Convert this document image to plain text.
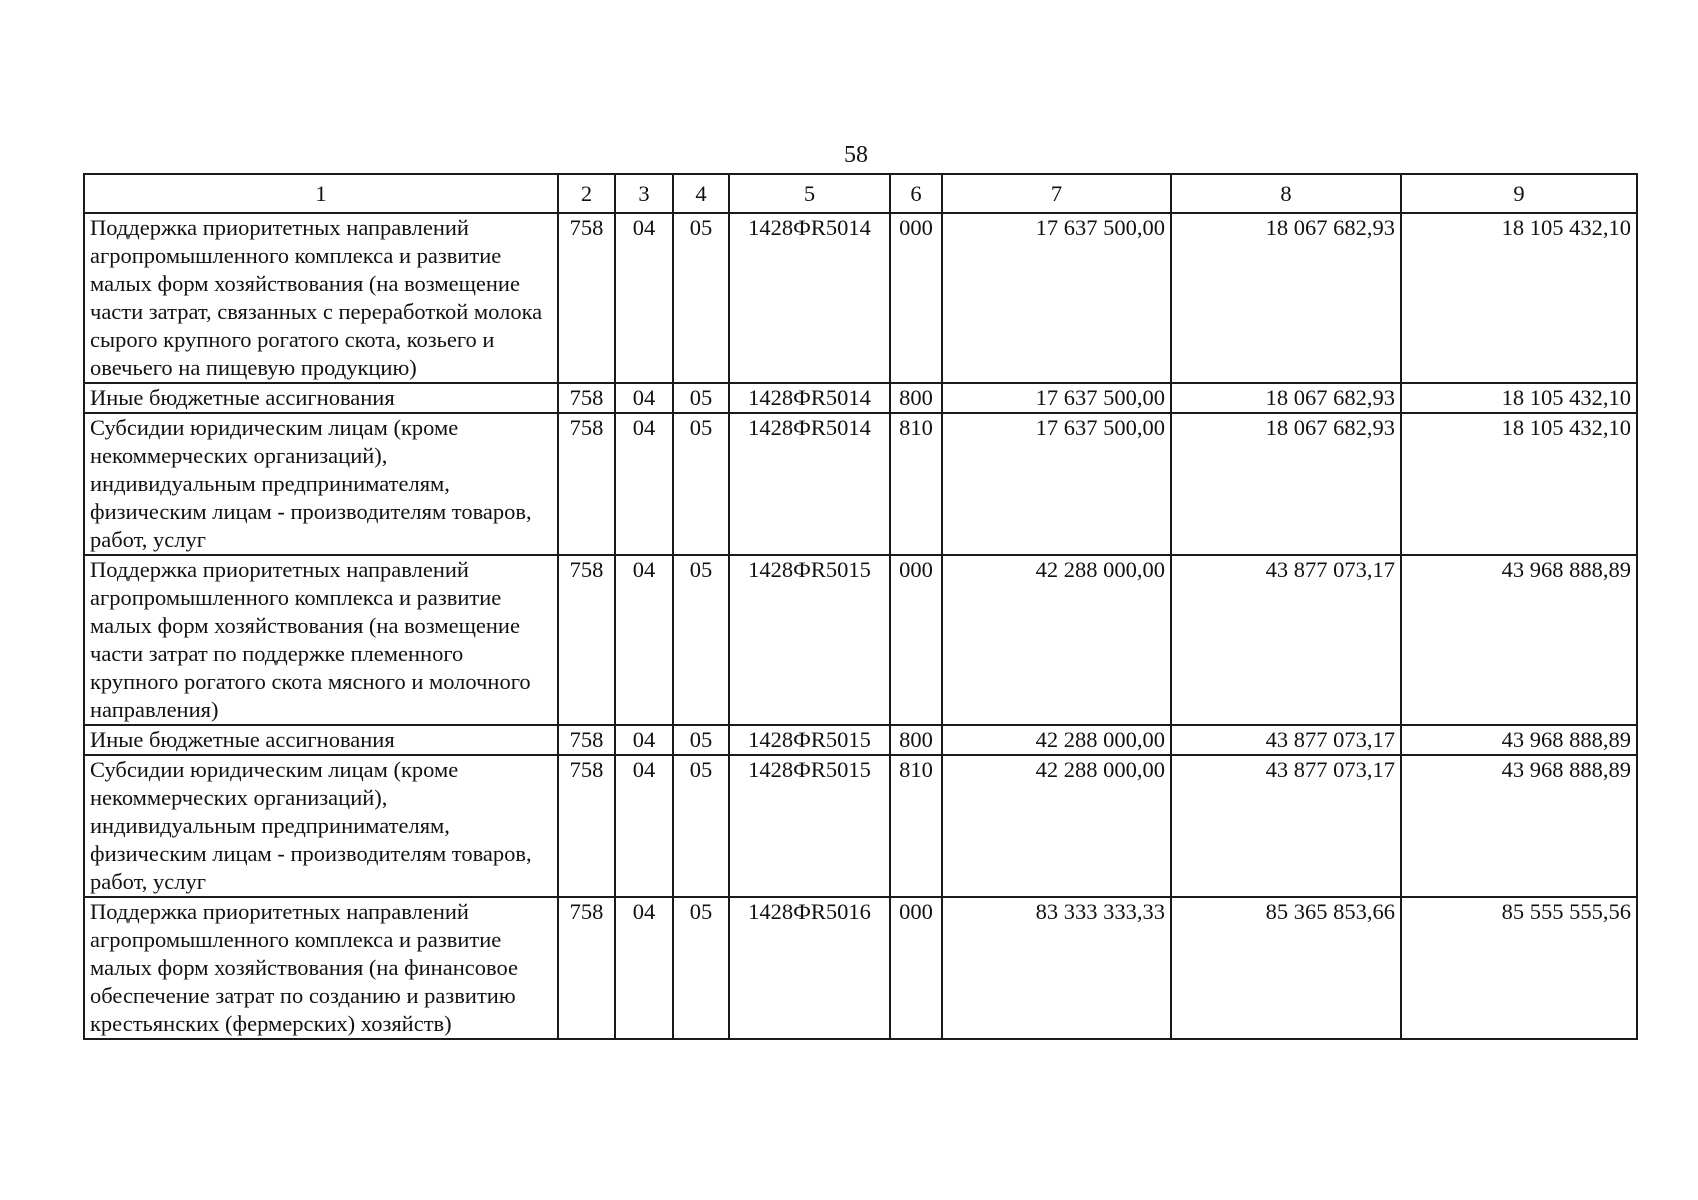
58
1	2	3	4	5	6	7	8	9
Поддержка приоритетных направлений агропромышленного комплекса и развитие малых форм хозяйствования (на возмещение части затрат, связанных с переработкой молока сырого крупного рогатого скота, козьего и овечьего на пищевую продукцию)	758	04	05	1428ФR5014	000	17 637 500,00	18 067 682,93	18 105 432,10
Иные бюджетные ассигнования	758	04	05	1428ФR5014	800	17 637 500,00	18 067 682,93	18 105 432,10
Субсидии юридическим лицам (кроме некоммерческих организаций), индивидуальным предпринимателям, физическим лицам - производителям товаров, работ, услуг	758	04	05	1428ФR5014	810	17 637 500,00	18 067 682,93	18 105 432,10
Поддержка приоритетных направлений агропромышленного комплекса и развитие малых форм хозяйствования (на возмещение части затрат по поддержке племенного крупного рогатого скота мясного и молочного направления)	758	04	05	1428ФR5015	000	42 288 000,00	43 877 073,17	43 968 888,89
Иные бюджетные ассигнования	758	04	05	1428ФR5015	800	42 288 000,00	43 877 073,17	43 968 888,89
Субсидии юридическим лицам (кроме некоммерческих организаций), индивидуальным предпринимателям, физическим лицам - производителям товаров, работ, услуг	758	04	05	1428ФR5015	810	42 288 000,00	43 877 073,17	43 968 888,89
Поддержка приоритетных направлений агропромышленного комплекса и развитие малых форм хозяйствования (на финансовое обеспечение затрат по созданию и развитию крестьянских (фермерских) хозяйств)	758	04	05	1428ФR5016	000	83 333 333,33	85 365 853,66	85 555 555,56
